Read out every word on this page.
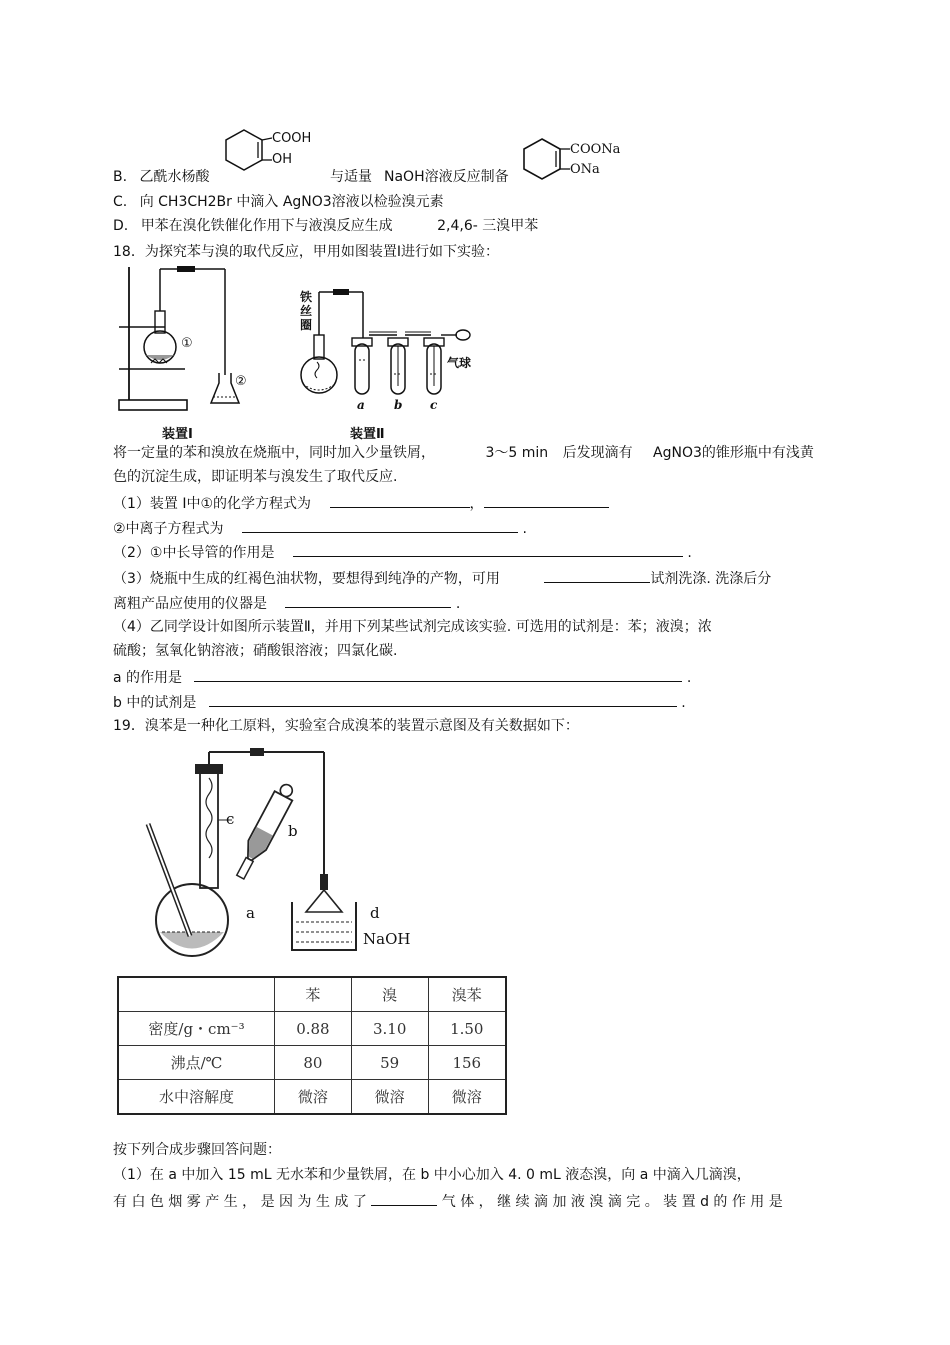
B. 乙酰水杨酸
COOH
OH
与适量 NaOH溶液反应制备
COONa
ONa
C. 向 CH3CH2Br 中滴入 AgNO3溶液以检验溴元素
D. 甲苯在溴化铁催化作用下与液溴反应生成	2,4,6- 三溴甲苯
18．为探究苯与溴的取代反应，甲用如图装置Ⅰ进行如下实验：
①
②
装置Ⅰ
铁丝圈
气球
a b c
装置Ⅱ
将一定量的苯和溴放在烧瓶中，同时加入少量铁屑，	3～5 min 后发现滴有 AgNO3的锥形瓶中有浅黄
色的沉淀生成，即证明苯与溴发生了取代反应.
（1）装置 Ⅰ中①的化学方程式为	，
②中离子方程式为	.
（2）①中长导管的作用是	.
（3）烧瓶中生成的红褐色油状物，要想得到纯净的产物，可用	试剂洗涤. 洗涤后分
离粗产品应使用的仪器是	.
（4）乙同学设计如图所示装置Ⅱ，并用下列某些试剂完成该实验. 可选用的试剂是：苯；液溴；浓
硫酸；氢氧化钠溶液；硝酸银溶液；四氯化碳.
a 的作用是	.
b 中的试剂是	.
19．溴苯是一种化工原料，实验室合成溴苯的装置示意图及有关数据如下：
c
b
a	d
NaOH
	苯	溴	溴苯
密度/g・cm⁻³	0.88	3.10	1.50
沸点/℃	80	59	156
水中溶解度	微溶	微溶	微溶
按下列合成步骤回答问题：
（1）在 a 中加入 15 mL 无水苯和少量铁屑，在 b 中小心加入 4. 0 mL 液态溴，向 a 中滴入几滴溴，
有 白 色 烟 雾 产 生 ， 是 因 为 生 成 了	气 体 ， 继 续 滴 加 液 溴 滴 完 。 装 置 d 的 作 用 是
